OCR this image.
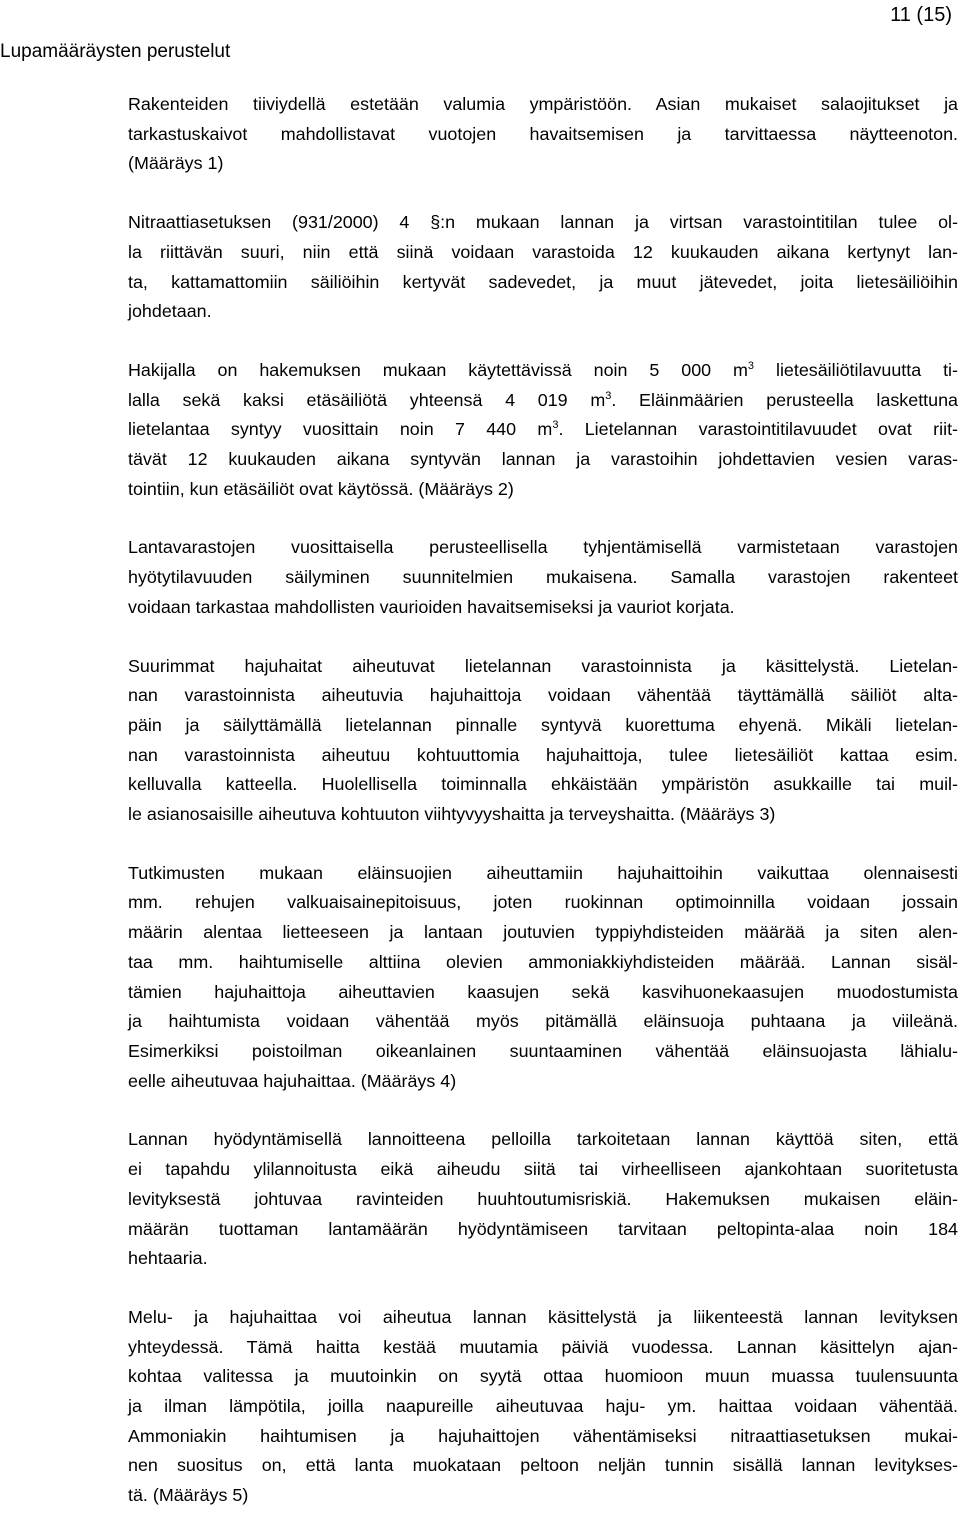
Lupamääräysten perustelut
11 (15)

Rakenteiden tiiviydellä estetään valumia ympäristöön. Asian mukaiset salaojitukset ja
tarkastuskaivot mahdollistavat vuotojen havaitsemisen ja tarvittaessa näytteenoton.
(Määräys 1)

Nitraattiasetuksen (931/2000) 4 §:n mukaan lannan ja virtsan varastointitilan tulee ol-
la riittävän suuri, niin että siinä voidaan varastoida 12 kuukauden aikana kertynyt lan-
ta, kattamattomiin säiliöihin kertyvät sadevedet, ja muut jätevedet, joita lietesäiliöihin
johdetaan.

Hakijalla on hakemuksen mukaan käytettävissä noin 5 000 $m^3$ lietesäiliötilavuutta ti-
lalla sekä kaksi etäsäiliötä yhteensä 4 019 $m^3$. Eläinmäärien perusteella laskettuna
lietelantaa syntyy vuosittain noin 7 440 $m^3$. Lietelannan varastointitilavuudet ovat riit-
tävät 12 kuukauden aikana syntyvän lannan ja varastoihin johdettavien vesien varas-
tointiin, kun etäsäiliöt ovat käytössä. (Määräys 2)

Lantavarastojen vuosittaisella perusteellisella tyhjentämisellä varmistetaan varastojen
hyötytilavuuden säilyminen suunnitelmien mukaisena. Samalla varastojen rakenteet
voidaan tarkastaa mahdollisten vaurioiden havaitsemiseksi ja vauriot korjata.

Suurimmat hajuhaitat aiheutuvat lietelannan varastoinnista ja käsittelystä. Lietelan-
nan varastoinnista aiheutuvia hajuhaittoja voidaan vähentää täyttämällä säiliöt alta-
päin ja säilyttämällä lietelannan pinnalle syntyvä kuorettuma ehyenä. Mikäli lietelan-
nan varastoinnista aiheutuu kohtuuttomia hajuhaittoja, tulee lietesäiliöt kattaa esim.
kelluvalla katteella. Huolellisella toiminnalla ehkäistään ympäristön asukkaille tai muil-
le asianosaisille aiheutuva kohtuuton viihtyvyyshaitta ja terveyshaitta. (Määräys 3)

Tutkimusten mukaan eläinsuojien aiheuttamiin hajuhaittoihin vaikuttaa olennaisesti
mm. rehujen valkuaisainepitoisuus, joten ruokinnan optimoinnilla voidaan jossain
määrin alentaa lietteeseen ja lantaan joutuvien typpiyhdisteiden määrää ja siten alen-
taa mm. haihtumiselle alttiina olevien ammoniakkiyhdisteiden määrää. Lannan sisäl-
tämien hajuhaittoja aiheuttavien kaasujen sekä kasvihuonekaasujen muodostumista
ja haihtumista voidaan vähentää myös pitämällä eläinsuoja puhtaana ja viileänä.
Esimerkiksi poistoilman oikeanlainen suuntaaminen vähentää eläinsuojasta lähialu-
eelle aiheutuvaa hajuhaittaa. (Määräys 4)

Lannan hyödyntämisellä lannoitteena pelloilla tarkoitetaan lannan käyttöä siten, että
ei tapahdu ylilannoitusta eikä aiheudu siitä tai virheelliseen ajankohtaan suoritetusta
levityksestä johtuvaa ravinteiden huuhtoutumisriskiä. Hakemuksen mukaisen eläin-
määrän tuottaman lantamäärän hyödyntämiseen tarvitaan peltopinta-alaa noin 184
hehtaaria.

Melu- ja hajuhaittaa voi aiheutua lannan käsittelystä ja liikenteestä lannan levityksen
yhteydessä. Tämä haitta kestää muutamia päiviä vuodessa. Lannan käsittelyn ajan-
kohtaa valitessa ja muutoinkin on syytä ottaa huomioon muun muassa tuulensuunta
ja ilman lämpötila, joilla naapureille aiheutuvaa haju- ym. haittaa voidaan vähentää.
Ammoniakin haihtumisen ja hajuhaittojen vähentämiseksi nitraattiasetuksen mukai-
nen suositus on, että lanta muokataan peltoon neljän tunnin sisällä lannan levitykses-
tä. (Määräys 5)
